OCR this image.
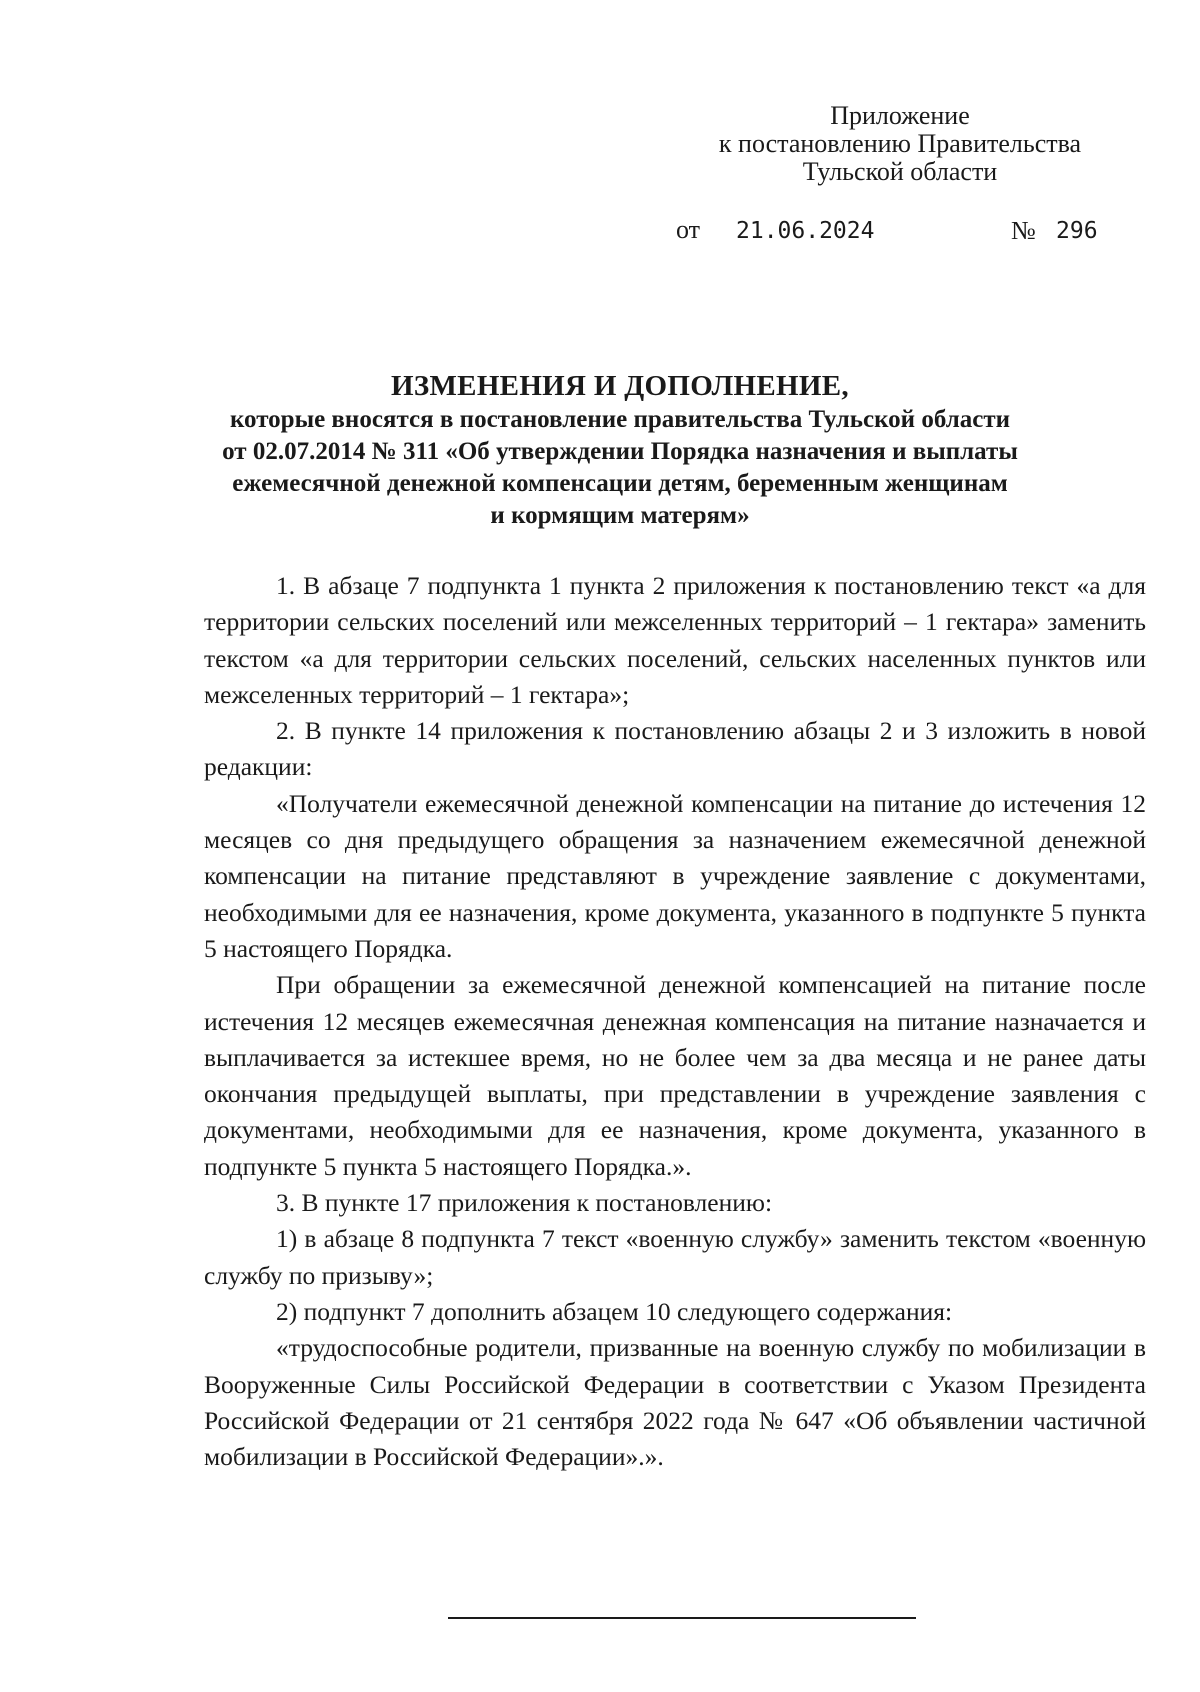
Приложение
к постановлению Правительства
Тульской области
от 21.06.2024	№ 296
ИЗМЕНЕНИЯ И ДОПОЛНЕНИЕ,
которые вносятся в постановление правительства Тульской области
от 02.07.2014 № 311 «Об утверждении Порядка назначения и выплаты
ежемесячной денежной компенсации детям, беременным женщинам
и кормящим матерям»

1. В абзаце 7 подпункта 1 пункта 2 приложения к постановлению текст «а для территории сельских поселений или межселенных территорий – 1 гектара» заменить текстом «а для территории сельских поселений, сельских населенных пунктов или межселенных территорий – 1 гектара»;

2. В пункте 14 приложения к постановлению абзацы 2 и 3 изложить в новой редакции:

«Получатели ежемесячной денежной компенсации на питание до истечения 12 месяцев со дня предыдущего обращения за назначением ежемесячной денежной компенсации на питание представляют в учреждение заявление с документами, необходимыми для ее назначения, кроме документа, указанного в подпункте 5 пункта 5 настоящего Порядка.

При обращении за ежемесячной денежной компенсацией на питание после истечения 12 месяцев ежемесячная денежная компенсация на питание назначается и выплачивается за истекшее время, но не более чем за два месяца и не ранее даты окончания предыдущей выплаты, при представлении в учреждение заявления с документами, необходимыми для ее назначения, кроме документа, указанного в подпункте 5 пункта 5 настоящего Порядка.».

3. В пункте 17 приложения к постановлению:

1) в абзаце 8 подпункта 7 текст «военную службу» заменить текстом «военную службу по призыву»;

2) подпункт 7 дополнить абзацем 10 следующего содержания:

«трудоспособные родители, призванные на военную службу по мобилизации в Вооруженные Силы Российской Федерации в соответствии с Указом Президента Российской Федерации от 21 сентября 2022 года № 647 «Об объявлении частичной мобилизации в Российской Федерации».».
